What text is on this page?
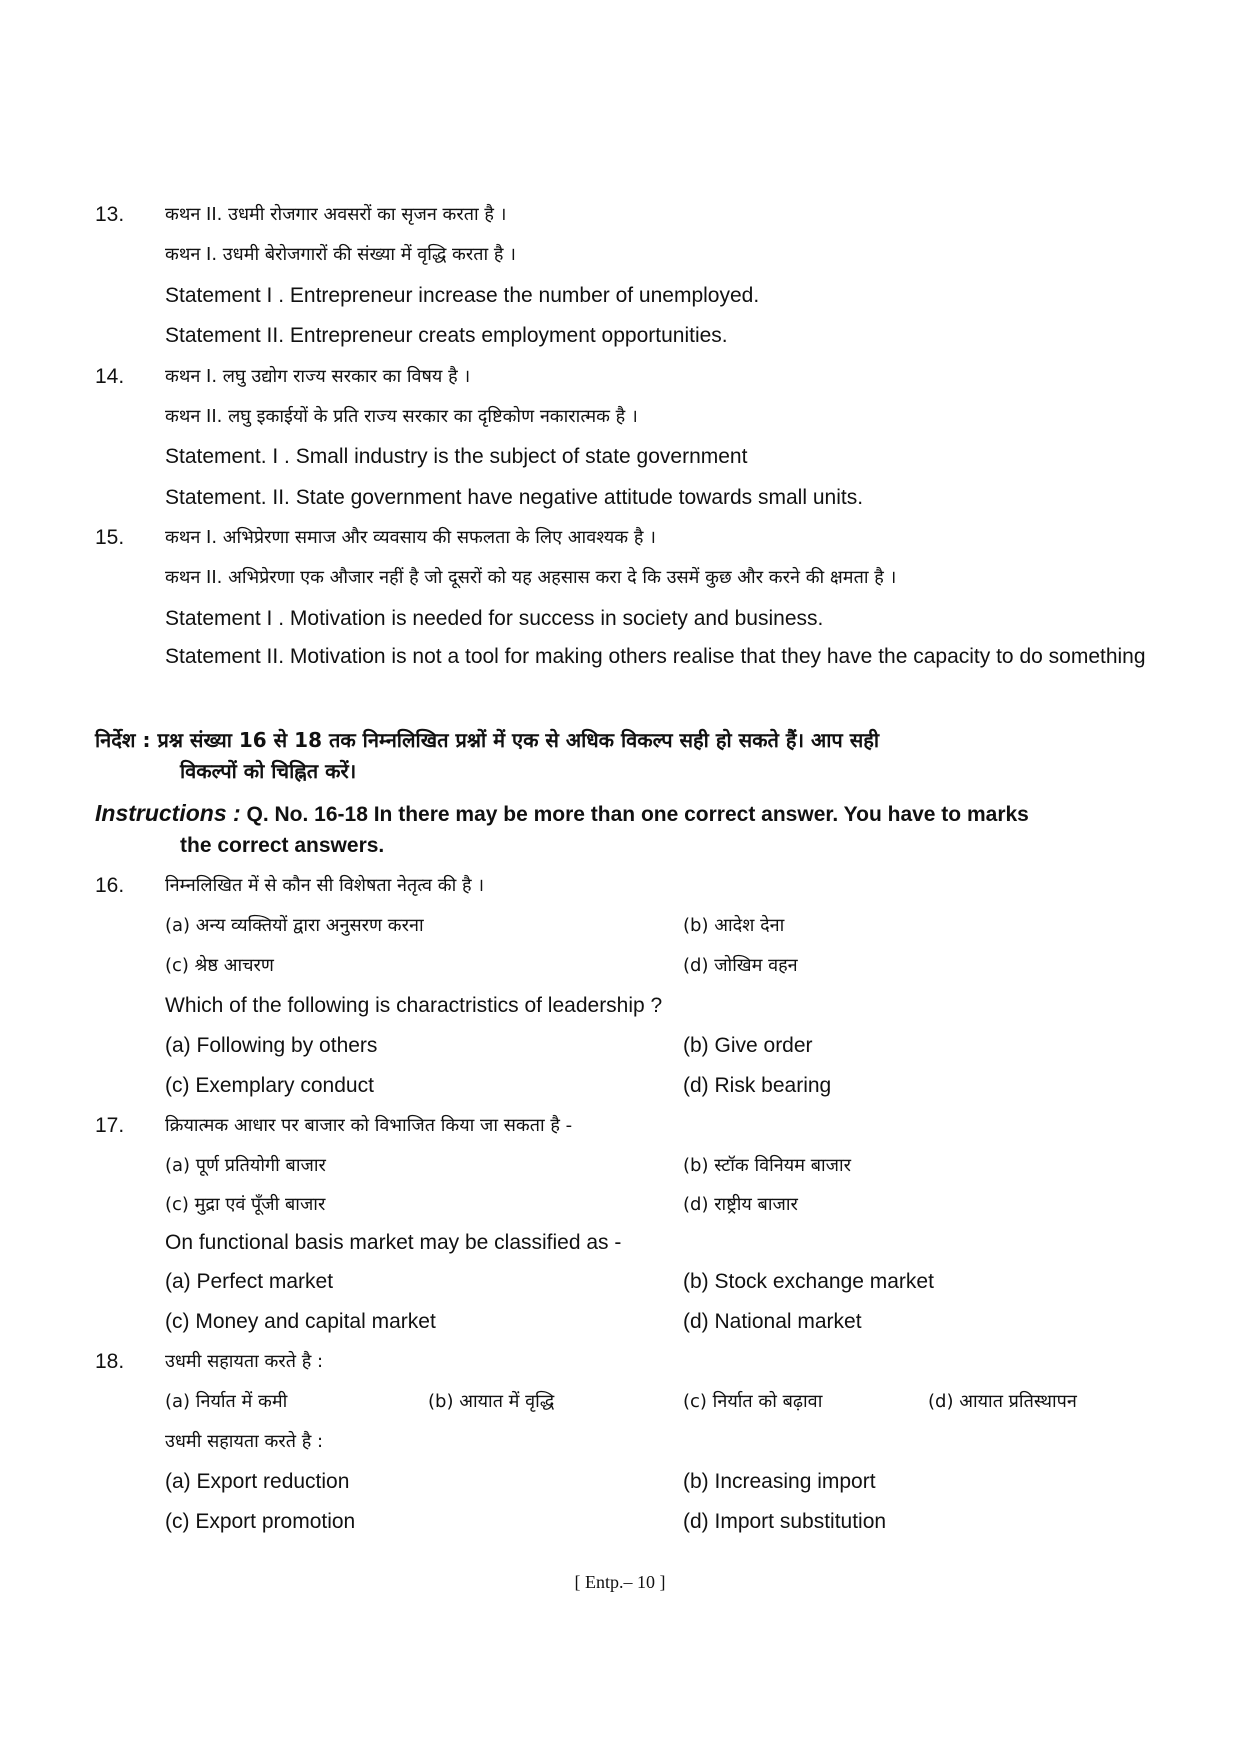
13. कथन II. उधमी रोजगार अवसरों का सृजन करता है ।
कथन I. उधमी बेरोजगारों की संख्या में वृद्धि करता है ।
Statement I . Entrepreneur increase the number of unemployed.
Statement II. Entrepreneur creats employment opportunities.
14. कथन I. लघु उद्योग राज्य सरकार का विषय है ।
कथन II. लघु इकाईयों के प्रति राज्य सरकार का दृष्टिकोण नकारात्मक है ।
Statement. I . Small industry is the subject of state government
Statement. II. State government have negative attitude towards small units.
15. कथन I. अभिप्रेरणा समाज और व्यवसाय की सफलता के लिए आवश्यक है ।
कथन II. अभिप्रेरणा एक औजार नहीं है जो दूसरों को यह अहसास करा दे कि उसमें कुछ और करने की क्षमता है ।
Statement I . Motivation is needed for success in society and business.
Statement II. Motivation is not a tool for making others realise that they have the capacity to do something
निर्देश : प्रश्न संख्या 16 से 18 तक निम्नलिखित प्रश्नों में एक से अधिक विकल्प सही हो सकते हैं। आप सही
विकल्पों को चिह्नित करें।
Instructions : Q. No. 16-18 In there may be more than one correct answer. You have to marks
the correct answers.
16. निम्नलिखित में से कौन सी विशेषता नेतृत्व की है ।
(a) अन्य व्यक्तियों द्वारा अनुसरण करना	(b) आदेश देना
(c) श्रेष्ठ आचरण	(d) जोखिम वहन
Which of the following is charactristics of leadership ?
(a) Following by others	(b) Give order
(c) Exemplary conduct	(d) Risk bearing
17. क्रियात्मक आधार पर बाजार को विभाजित किया जा सकता है -
(a) पूर्ण प्रतियोगी बाजार	(b) स्टॉक विनियम बाजार
(c) मुद्रा एवं पूँजी बाजार	(d) राष्ट्रीय बाजार
On functional basis market may be classified as -
(a) Perfect market	(b) Stock exchange market
(c) Money and capital market	(d) National market
18. उधमी सहायता करते है :
(a) निर्यात में कमी	(b) आयात में वृद्धि	(c) निर्यात को बढ़ावा	(d) आयात प्रतिस्थापन
उधमी सहायता करते है :
(a) Export reduction	(b) Increasing import
(c) Export promotion	(d) Import substitution
[ Entp.– 10 ]
